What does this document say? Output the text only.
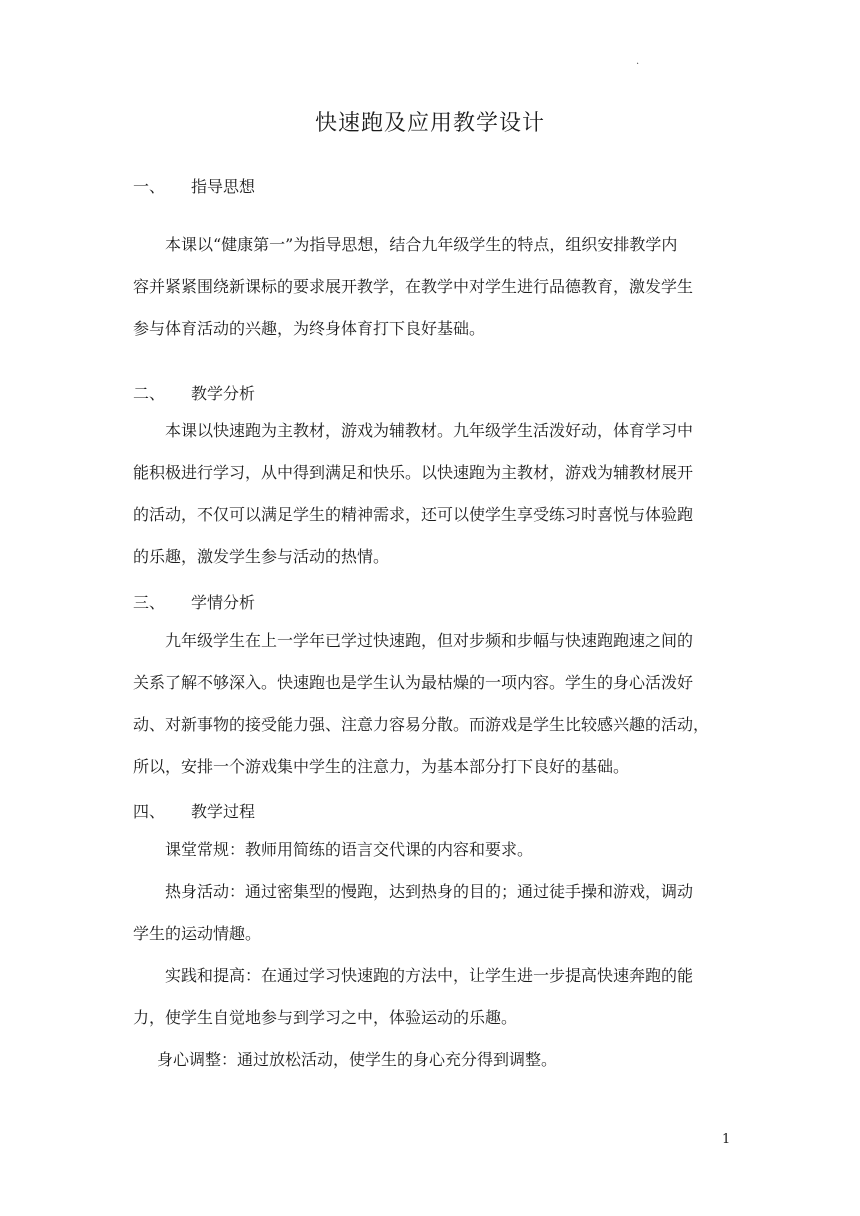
.
快速跑及应用教学设计
一、	指导思想
本课以“健康第一”为指导思想，结合九年级学生的特点，组织安排教学内
容并紧紧围绕新课标的要求展开教学，在教学中对学生进行品德教育，激发学生
参与体育活动的兴趣，为终身体育打下良好基础。
二、	教学分析
本课以快速跑为主教材，游戏为辅教材。九年级学生活泼好动，体育学习中
能积极进行学习，从中得到满足和快乐。以快速跑为主教材，游戏为辅教材展开
的活动，不仅可以满足学生的精神需求，还可以使学生享受练习时喜悦与体验跑
的乐趣，激发学生参与活动的热情。
三、	学情分析
九年级学生在上一学年已学过快速跑，但对步频和步幅与快速跑跑速之间的
关系了解不够深入。快速跑也是学生认为最枯燥的一项内容。学生的身心活泼好
动、对新事物的接受能力强、注意力容易分散。而游戏是学生比较感兴趣的活动，
所以，安排一个游戏集中学生的注意力，为基本部分打下良好的基础。
四、	教学过程
课堂常规：教师用简练的语言交代课的内容和要求。
热身活动：通过密集型的慢跑，达到热身的目的；通过徒手操和游戏，调动
学生的运动情趣。
实践和提高：在通过学习快速跑的方法中，让学生进一步提高快速奔跑的能
力，使学生自觉地参与到学习之中，体验运动的乐趣。
身心调整：通过放松活动，使学生的身心充分得到调整。
1
